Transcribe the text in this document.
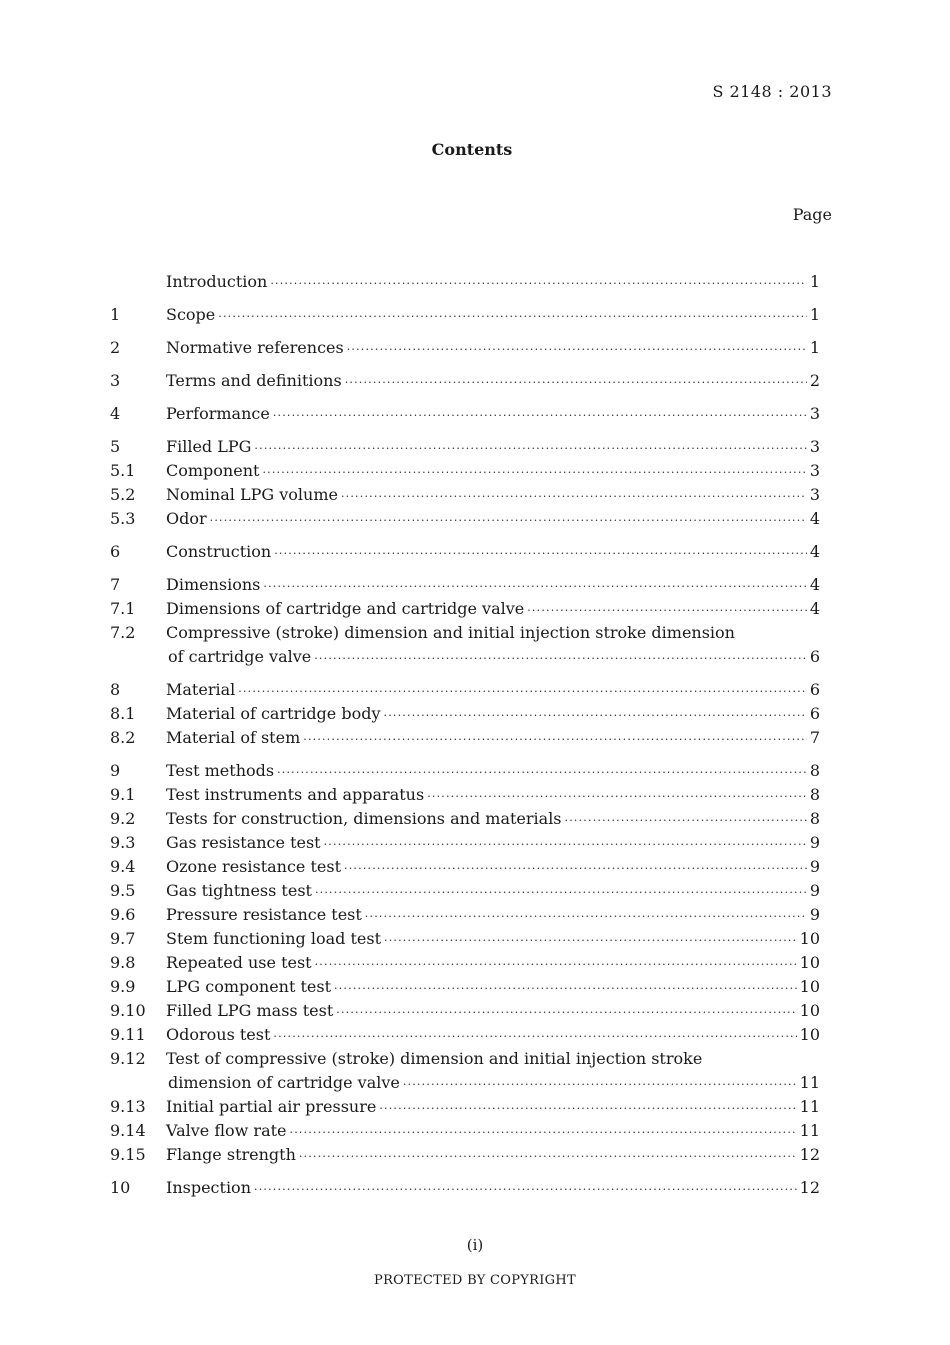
S 2148 : 2013
Contents
Page
Introduction ·····	1
1	Scope ·····	1
2	Normative references ·····	1
3	Terms and definitions ·····	2
4	Performance ·····	3
5	Filled LPG ·····	3
5.1	Component ·····	3
5.2	Nominal LPG volume ·····	3
5.3	Odor ·····	4
6	Construction ·····	4
7	Dimensions ·····	4
7.1	Dimensions of cartridge and cartridge valve ·····	4
7.2	Compressive (stroke) dimension and initial injection stroke dimension
of cartridge valve ·····	6
8	Material ·····	6
8.1	Material of cartridge body ·····	6
8.2	Material of stem ·····	7
9	Test methods ·····	8
9.1	Test instruments and apparatus ·····	8
9.2	Tests for construction, dimensions and materials ·····	8
9.3	Gas resistance test ·····	9
9.4	Ozone resistance test ·····	9
9.5	Gas tightness test ·····	9
9.6	Pressure resistance test ·····	9
9.7	Stem functioning load test ·····	10
9.8	Repeated use test ·····	10
9.9	LPG component test ·····	10
9.10	Filled LPG mass test ·····	10
9.11	Odorous test ·····	10
9.12	Test of compressive (stroke) dimension and initial injection stroke
dimension of cartridge valve ·····	11
9.13	Initial partial air pressure ·····	11
9.14	Valve flow rate ·····	11
9.15	Flange strength ·····	12
10	Inspection ·····	12
(i)
PROTECTED BY COPYRIGHT
